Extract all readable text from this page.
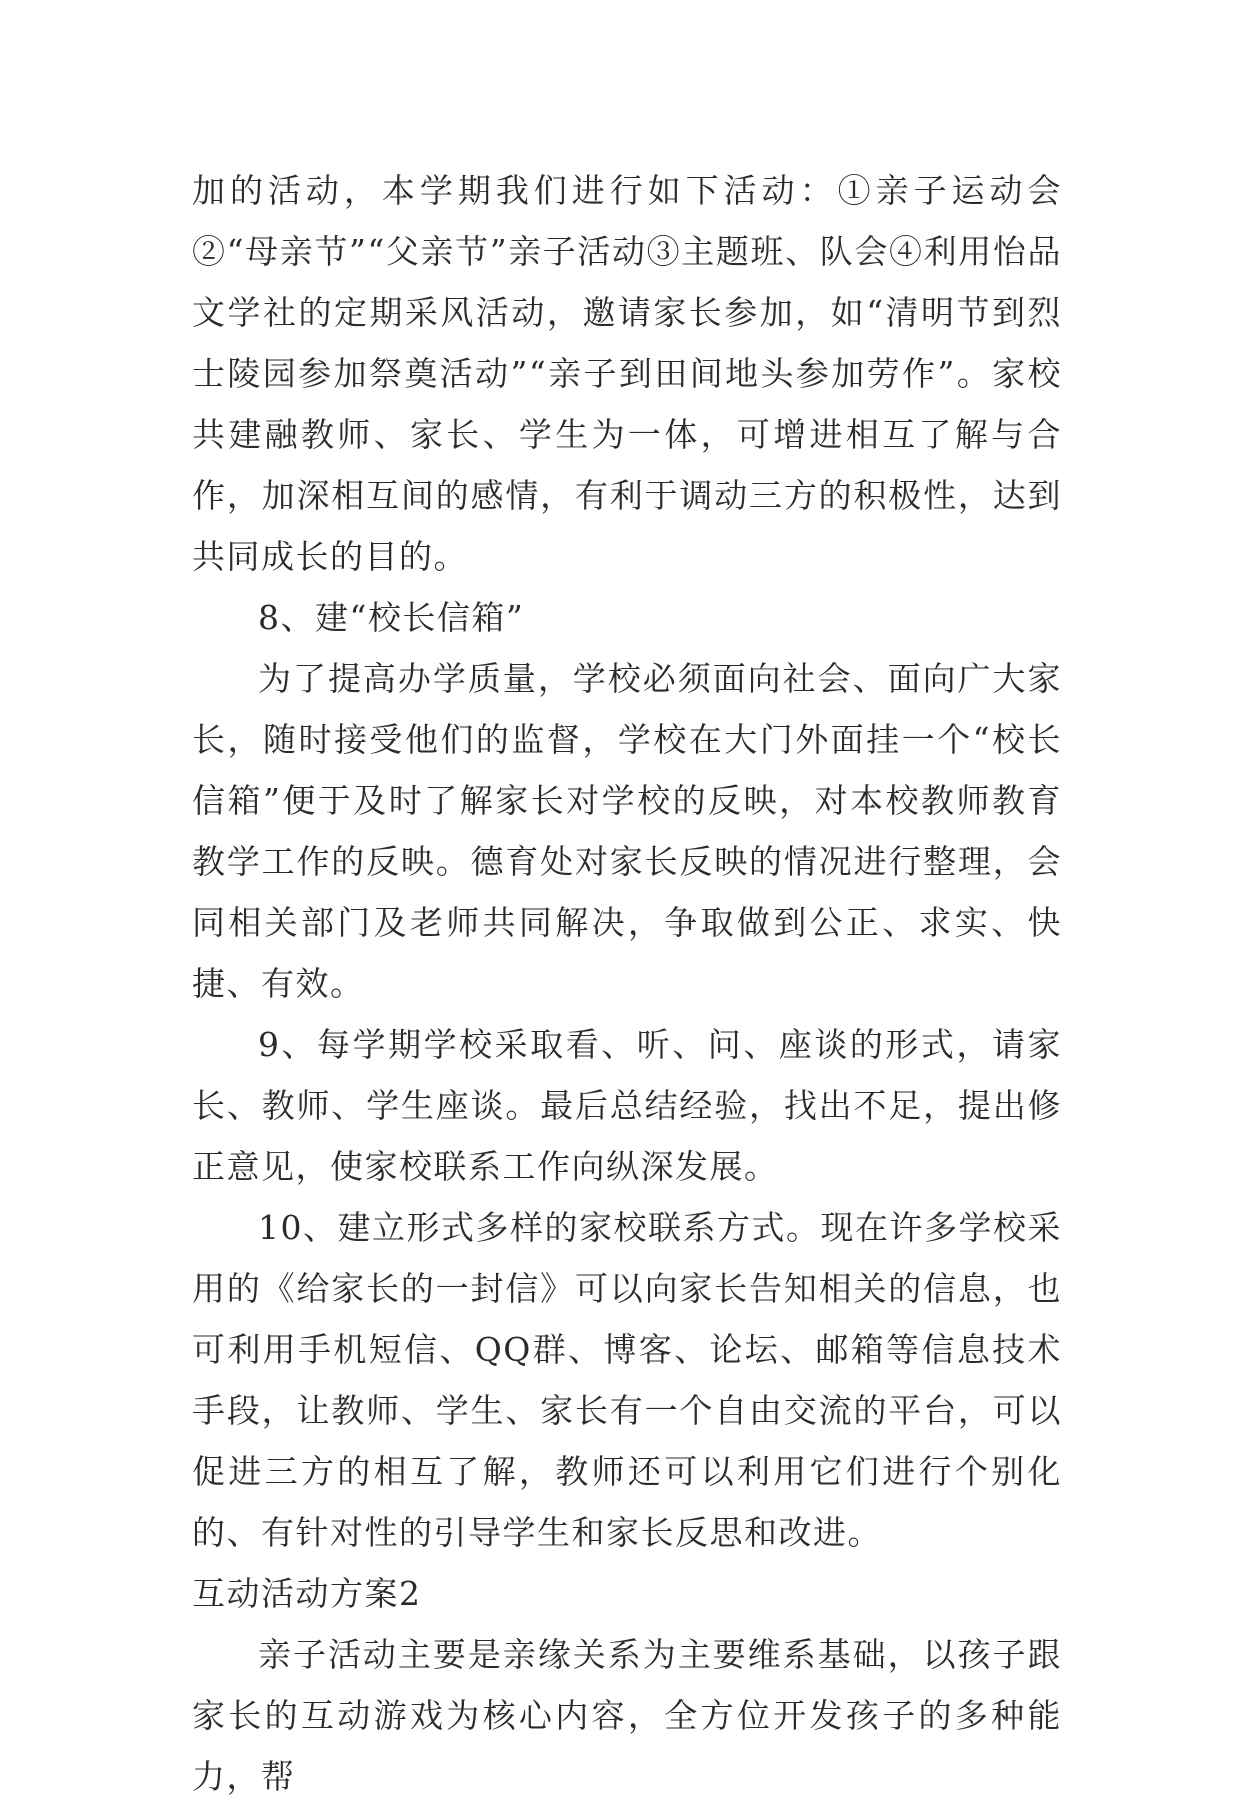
加的活动，本学期我们进行如下活动：①亲子运动会②“母亲节”“父亲节”亲子活动③主题班、队会④利用怡品文学社的定期采风活动，邀请家长参加，如“清明节到烈士陵园参加祭奠活动”“亲子到田间地头参加劳作”。家校共建融教师、家长、学生为一体，可增进相互了解与合作，加深相互间的感情，有利于调动三方的积极性，达到共同成长的目的。

8、建“校长信箱”

为了提高办学质量，学校必须面向社会、面向广大家长，随时接受他们的监督，学校在大门外面挂一个“校长信箱”便于及时了解家长对学校的反映，对本校教师教育教学工作的反映。德育处对家长反映的情况进行整理，会同相关部门及老师共同解决，争取做到公正、求实、快捷、有效。

9、每学期学校采取看、听、问、座谈的形式，请家长、教师、学生座谈。最后总结经验，找出不足，提出修正意见，使家校联系工作向纵深发展。

10、建立形式多样的家校联系方式。现在许多学校采用的《给家长的一封信》可以向家长告知相关的信息，也可利用手机短信、QQ群、博客、论坛、邮箱等信息技术手段，让教师、学生、家长有一个自由交流的平台，可以促进三方的相互了解，教师还可以利用它们进行个别化的、有针对性的引导学生和家长反思和改进。

互动活动方案2

亲子活动主要是亲缘关系为主要维系基础，以孩子跟家长的互动游戏为核心内容，全方位开发孩子的多种能力，帮
